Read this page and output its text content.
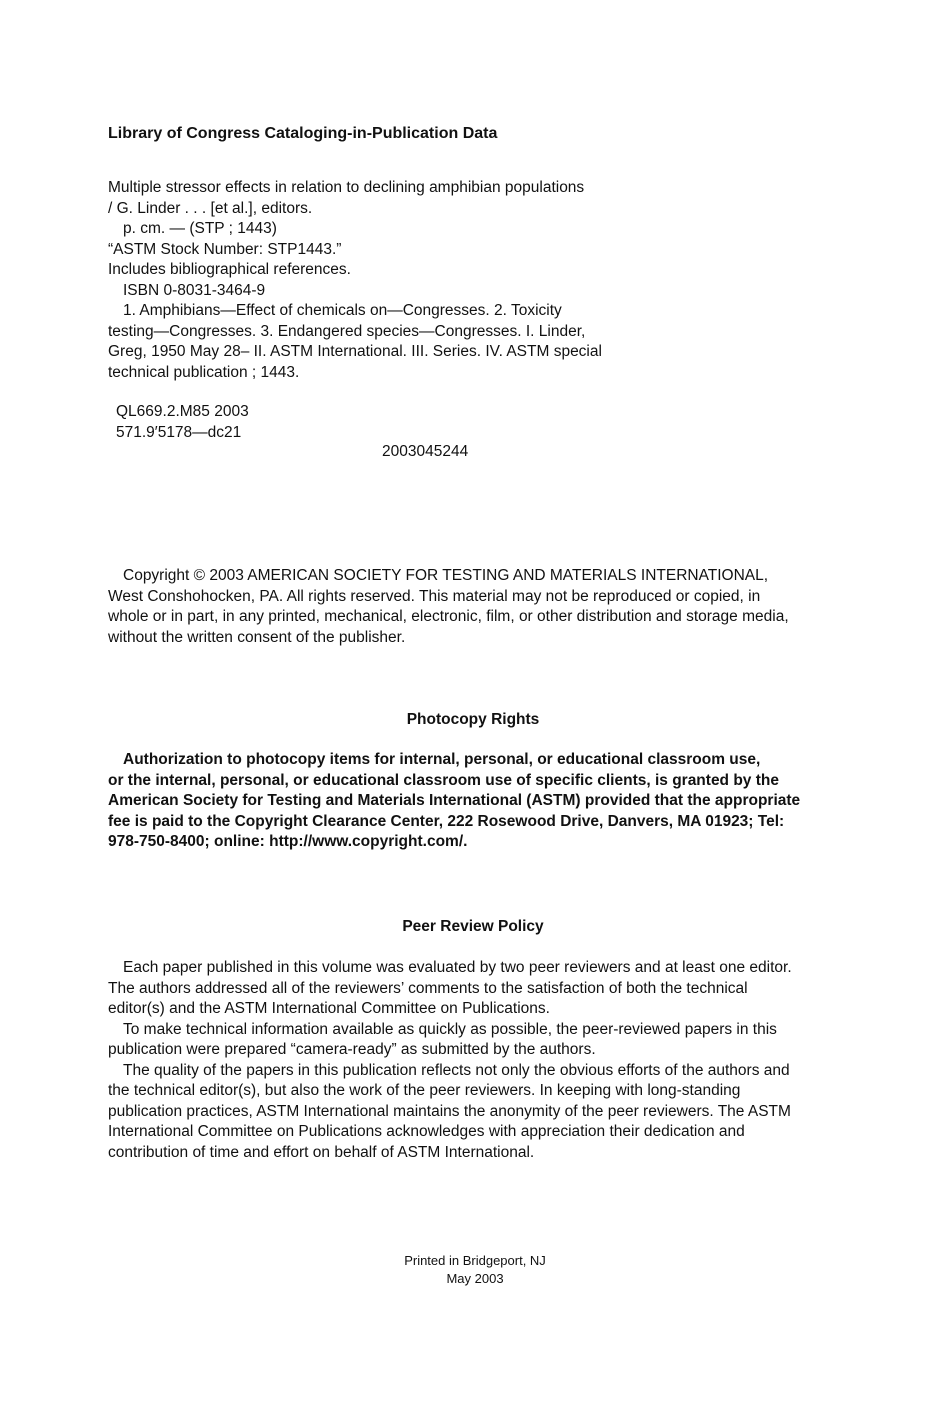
Library of Congress Cataloging-in-Publication Data
Multiple stressor effects in relation to declining amphibian populations
/ G. Linder . . . [et al.], editors.
p. cm. — (STP ; 1443)
“ASTM Stock Number: STP1443.”
Includes bibliographical references.
ISBN 0-8031-3464-9
1. Amphibians—Effect of chemicals on—Congresses. 2. Toxicity
testing—Congresses. 3. Endangered species—Congresses. I. Linder,
Greg, 1950 May 28– II. ASTM International. III. Series. IV. ASTM special
technical publication ; 1443.
QL669.2.M85 2003
571.9′5178—dc21
2003045244
Copyright © 2003 AMERICAN SOCIETY FOR TESTING AND MATERIALS INTERNATIONAL,
West Conshohocken, PA. All rights reserved. This material may not be reproduced or copied, in
whole or in part, in any printed, mechanical, electronic, film, or other distribution and storage media,
without the written consent of the publisher.
Photocopy Rights
Authorization to photocopy items for internal, personal, or educational classroom use,
or the internal, personal, or educational classroom use of specific clients, is granted by the
American Society for Testing and Materials International (ASTM) provided that the appropriate
fee is paid to the Copyright Clearance Center, 222 Rosewood Drive, Danvers, MA 01923; Tel:
978-750-8400; online: http://www.copyright.com/.
Peer Review Policy
Each paper published in this volume was evaluated by two peer reviewers and at least one editor.
The authors addressed all of the reviewers’ comments to the satisfaction of both the technical
editor(s) and the ASTM International Committee on Publications.
To make technical information available as quickly as possible, the peer-reviewed papers in this
publication were prepared “camera-ready” as submitted by the authors.
The quality of the papers in this publication reflects not only the obvious efforts of the authors and
the technical editor(s), but also the work of the peer reviewers. In keeping with long-standing
publication practices, ASTM International maintains the anonymity of the peer reviewers. The ASTM
International Committee on Publications acknowledges with appreciation their dedication and
contribution of time and effort on behalf of ASTM International.
Printed in Bridgeport, NJ
May 2003
